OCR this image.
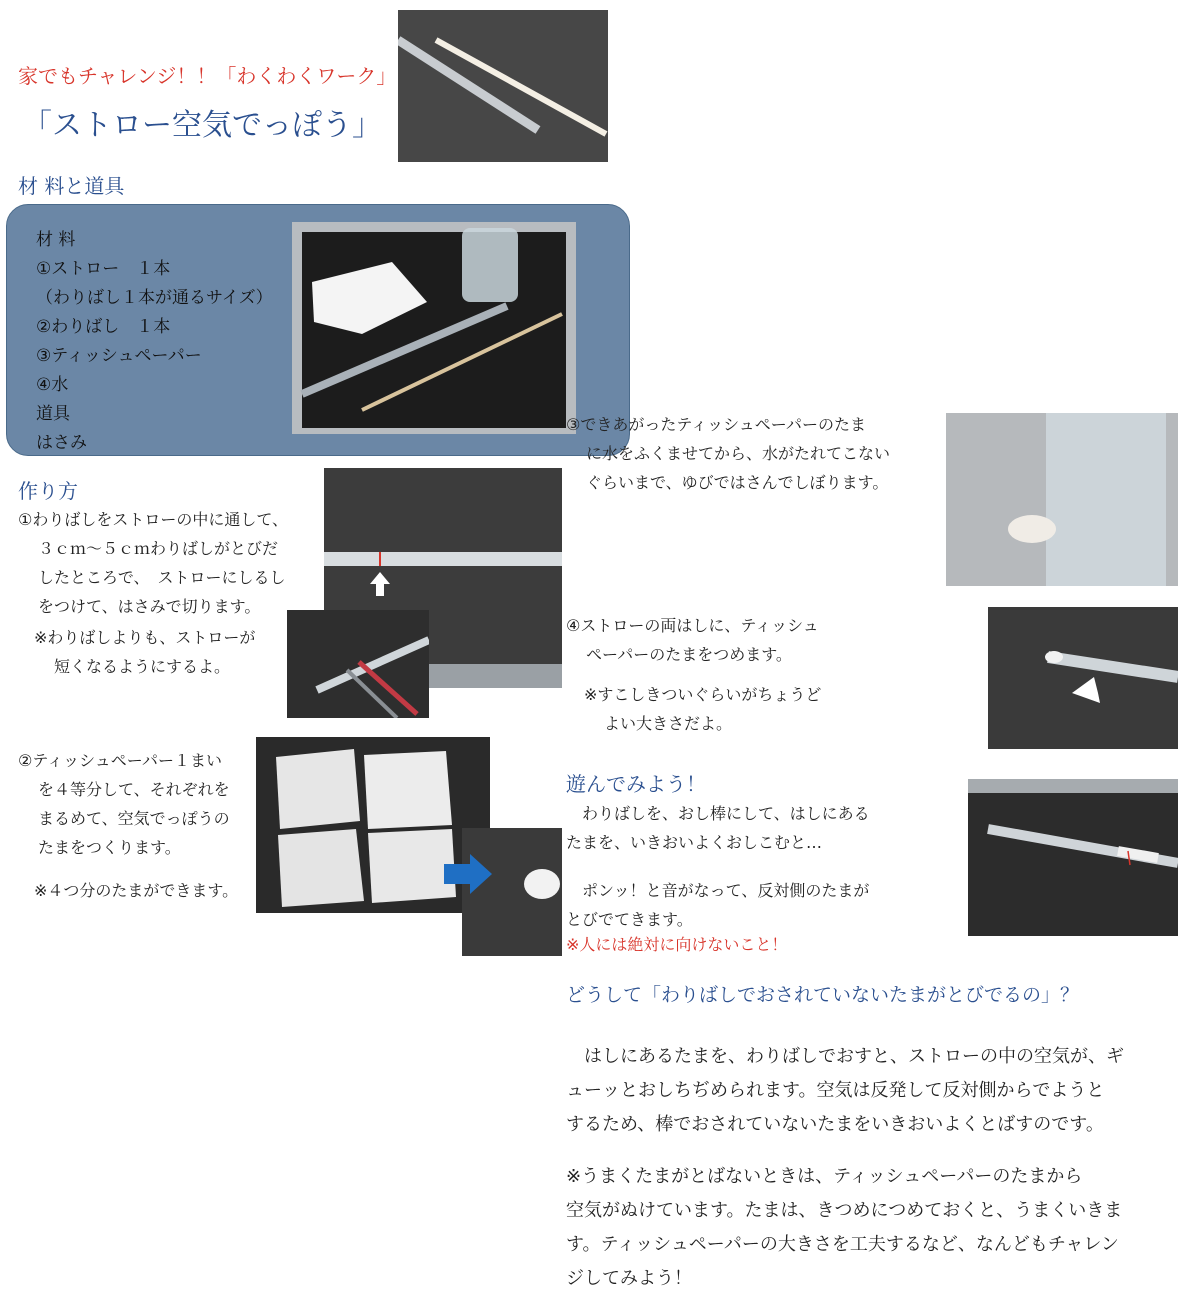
家でもチャレンジ！！「わくわくワーク」
「ストロー空気でっぽう」
材 料と道具
材 料
①ストロー　１本
（わりばし１本が通るサイズ）
②わりばし　１本
③ティッシュペーパー
④水
道具
はさみ
作り方
①わりばしをストローの中に通して、
３ｃｍ～５ｃｍわりばしがとびだ
したところで、　ストローにしるし
をつけて、はさみで切ります。
※わりばしよりも、ストローが
短くなるようにするよ。
②ティッシュペーパー１まい
を４等分して、それぞれを
まるめて、空気でっぽうの
たまをつくります。
※４つ分のたまができます。
③できあがったティッシュペーパーのたま
に水をふくませてから、水がたれてこない
ぐらいまで、ゆびではさんでしぼります。
④ストローの両はしに、ティッシュ
ペーパーのたまをつめます。
※すこしきついぐらいがちょうど
よい大きさだよ。
遊んでみよう！
　わりばしを、おし棒にして、はしにある
たまを、いきおいよくおしこむと…
　ポンッ！と音がなって、反対側のたまが
とびでてきます。
※人には絶対に向けないこと！
どうして「わりばしでおされていないたまがとびでるの」？
　はしにあるたまを、わりばしでおすと、ストローの中の空気が、ギ
ューッとおしちぢめられます。空気は反発して反対側からでようと
するため、棒でおされていないたまをいきおいよくとばすのです。
※うまくたまがとばないときは、ティッシュペーパーのたまから
空気がぬけています。たまは、きつめにつめておくと、うまくいきま
す。ティッシュペーパーの大きさを工夫するなど、なんどもチャレン
ジしてみよう！
